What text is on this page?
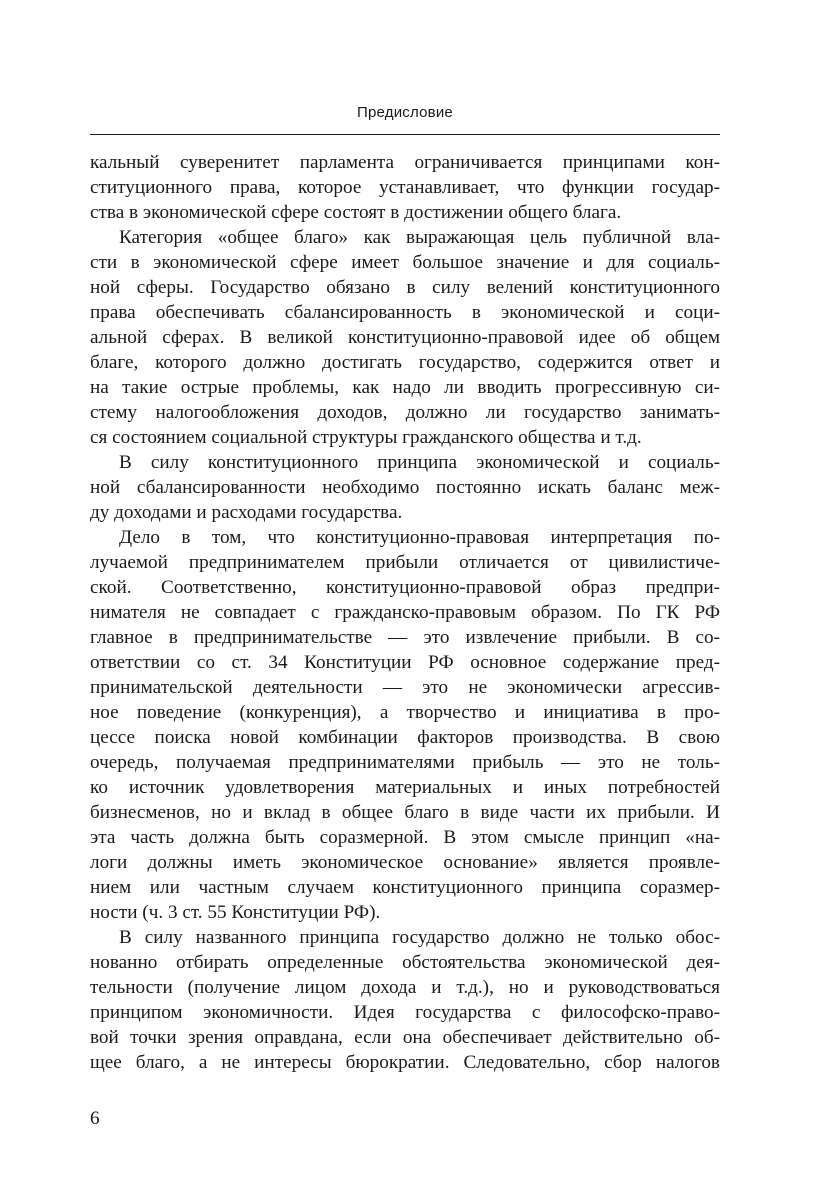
Предисловие

кальный суверенитет парламента ограничивается принципами кон-
ституционного права, которое устанавливает, что функции государ-
ства в экономической сфере состоят в достижении общего блага.

Категория «общее благо» как выражающая цель публичной вла-
сти в экономической сфере имеет большое значение и для социаль-
ной сферы. Государство обязано в силу велений конституционного
права обеспечивать сбалансированность в экономической и соци-
альной сферах. В великой конституционно-правовой идее об общем
благе, которого должно достигать государство, содержится ответ и
на такие острые проблемы, как надо ли вводить прогрессивную си-
стему налогообложения доходов, должно ли государство занимать-
ся состоянием социальной структуры гражданского общества и т.д.

В силу конституционного принципа экономической и социаль-
ной сбалансированности необходимо постоянно искать баланс меж-
ду доходами и расходами государства.

Дело в том, что конституционно-правовая интерпретация по-
лучаемой предпринимателем прибыли отличается от цивилистиче-
ской. Соответственно, конституционно-правовой образ предпри-
нимателя не совпадает с гражданско-правовым образом. По ГК РФ
главное в предпринимательстве — это извлечение прибыли. В со-
ответствии со ст. 34 Конституции РФ основное содержание пред-
принимательской деятельности — это не экономически агрессив-
ное поведение (конкуренция), а творчество и инициатива в про-
цессе поиска новой комбинации факторов производства. В свою
очередь, получаемая предпринимателями прибыль — это не толь-
ко источник удовлетворения материальных и иных потребностей
бизнесменов, но и вклад в общее благо в виде части их прибыли. И
эта часть должна быть соразмерной. В этом смысле принцип «на-
логи должны иметь экономическое основание» является проявле-
нием или частным случаем конституционного принципа соразмер-
ности (ч. 3 ст. 55 Конституции РФ).

В силу названного принципа государство должно не только обос-
нованно отбирать определенные обстоятельства экономической дея-
тельности (получение лицом дохода и т.д.), но и руководствоваться
принципом экономичности. Идея государства с философско-право-
вой точки зрения оправдана, если она обеспечивает действительно об-
щее благо, а не интересы бюрократии. Следовательно, сбор налогов

6
